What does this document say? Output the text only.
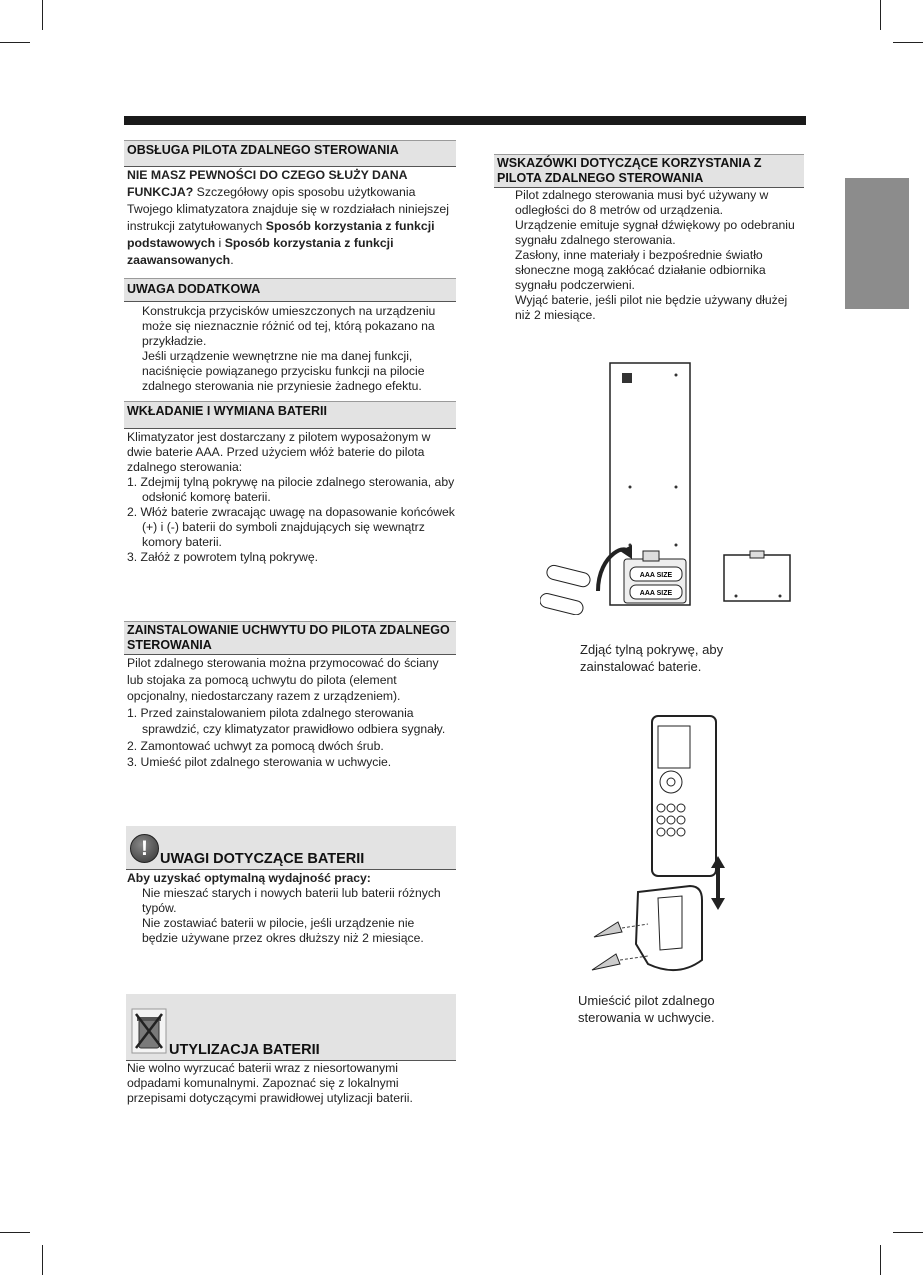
OBSŁUGA PILOTA ZDALNEGO STEROWANIA

NIE MASZ PEWNOŚCI DO CZEGO SŁUŻY DANA FUNKCJA? Szczegółowy opis sposobu użytkowania Twojego klimatyzatora znajduje się w rozdziałach niniejszej instrukcji zatytułowanych Sposób korzystania z funkcji podstawowych i Sposób korzystania z funkcji zaawansowanych.

UWAGA DODATKOWA

Konstrukcja przycisków umieszczonych na urządzeniu może się nieznacznie różnić od tej, którą pokazano na przykładzie.

Jeśli urządzenie wewnętrzne nie ma danej funkcji, naciśnięcie powiązanego przycisku funkcji na pilocie zdalnego sterowania nie przyniesie żadnego efektu.

WKŁADANIE I WYMIANA BATERII

Klimatyzator jest dostarczany z pilotem wyposażonym w dwie baterie AAA. Przed użyciem włóż baterie do pilota zdalnego sterowania:

1. Zdejmij tylną pokrywę na pilocie zdalnego sterowania, aby odsłonić komorę baterii.

2. Włóż baterie zwracając uwagę na dopasowanie końcówek (+) i (-) baterii do symboli znajdujących się wewnątrz komory baterii.

3. Załóż z powrotem tylną pokrywę.

ZAINSTALOWANIE UCHWYTU DO PILOTA ZDALNEGO STEROWANIA

Pilot zdalnego sterowania można przymocować do ściany lub stojaka za pomocą uchwytu do pilota (element opcjonalny, niedostarczany razem z urządzeniem).

1. Przed zainstalowaniem pilota zdalnego sterowania sprawdzić, czy klimatyzator prawidłowo odbiera sygnały.

2. Zamontować uchwyt za pomocą dwóch śrub.

3. Umieść pilot zdalnego sterowania w uchwycie.

! UWAGI DOTYCZĄCE BATERII

Aby uzyskać optymalną wydajność pracy:

Nie mieszać starych i nowych baterii lub baterii różnych typów.

Nie zostawiać baterii w pilocie, jeśli urządzenie nie będzie używane przez okres dłuższy niż 2 miesiące.

UTYLIZACJA BATERII
Nie wolno wyrzucać baterii wraz z niesortowanymi odpadami komunalnymi. Zapoznać się z lokalnymi przepisami dotyczącymi prawidłowej utylizacji baterii.
WSKAZÓWKI DOTYCZĄCE KORZYSTANIA Z PILOTA ZDALNEGO STEROWANIA

Pilot zdalnego sterowania musi być używany w odległości do 8 metrów od urządzenia.

Urządzenie emituje sygnał dźwiękowy po odebraniu sygnału zdalnego sterowania.

Zasłony, inne materiały i bezpośrednie światło słoneczne mogą zakłócać działanie odbiornika sygnału podczerwieni.

Wyjąć baterie, jeśli pilot nie będzie używany dłużej niż 2 miesiące.

AAA SIZE
AAA SIZE
Zdjąć tylną pokrywę, aby zainstalować baterie.
Umieścić pilot zdalnego sterowania w uchwycie.
